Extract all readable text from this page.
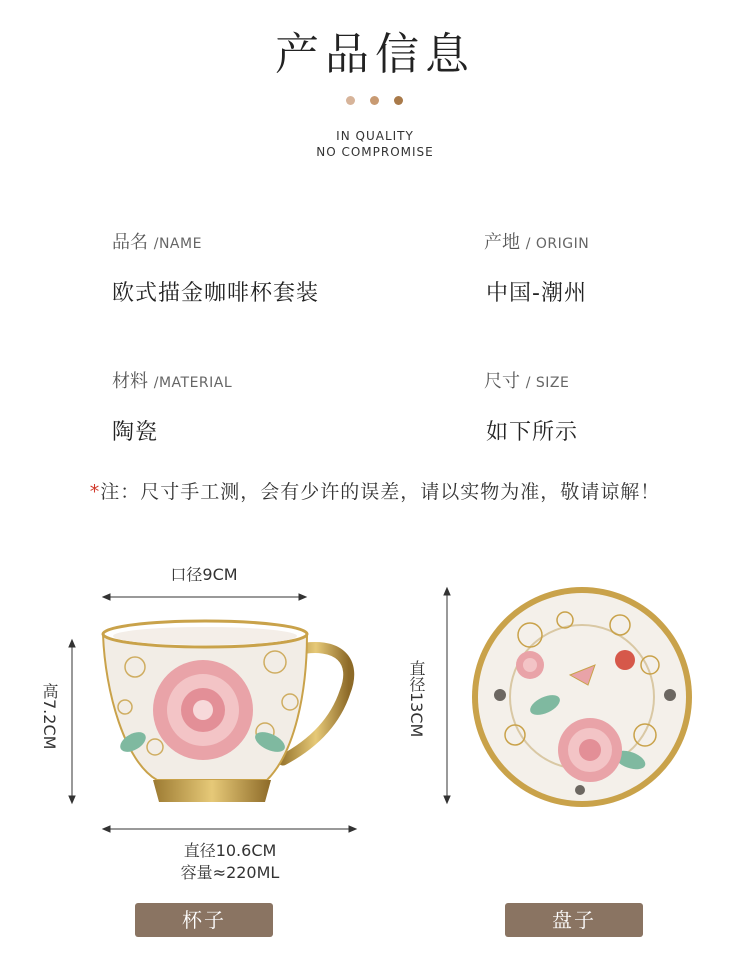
产品信息
IN QUALITY
NO COMPROMISE
品名 /NAME
欧式描金咖啡杯套装
产地 / ORIGIN
中国-潮州
材料 /MATERIAL
陶瓷
尺寸 / SIZE
如下所示
*注：尺寸手工测，会有少许的误差，请以实物为准，敬请谅解！
口径9CM
高7.2CM
直径10.6CM
容量≈220ML
直径13CM
杯子	盘子
